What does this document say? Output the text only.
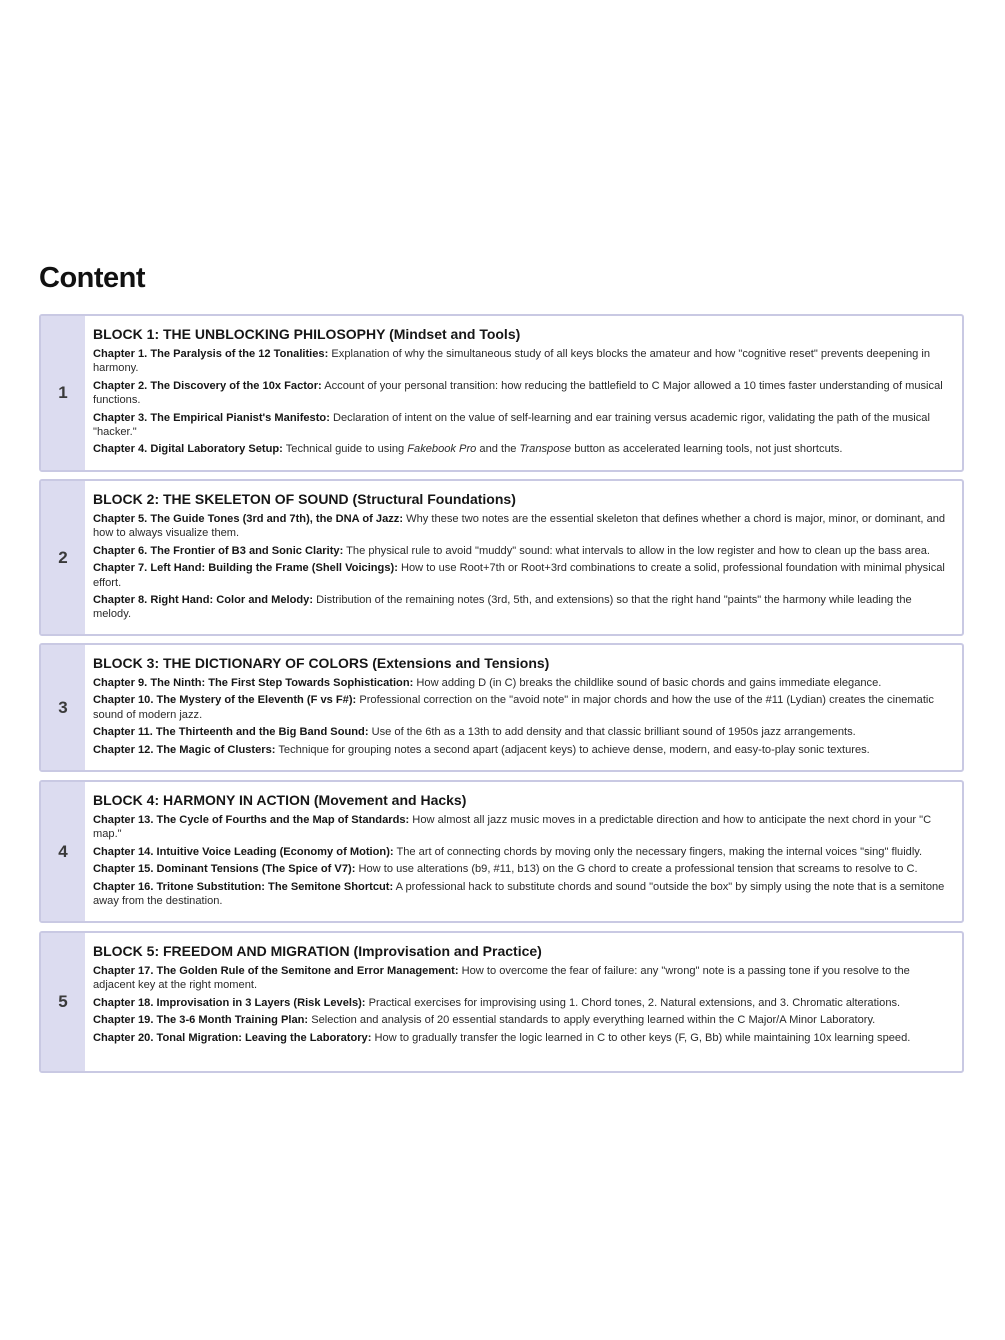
Content
1
BLOCK 1: THE UNBLOCKING PHILOSOPHY (Mindset and Tools)

Chapter 1. The Paralysis of the 12 Tonalities: Explanation of why the simultaneous study of all keys blocks the amateur and how "cognitive reset" prevents deepening in harmony.

Chapter 2. The Discovery of the 10x Factor: Account of your personal transition: how reducing the battlefield to C Major allowed a 10 times faster understanding of musical functions.

Chapter 3. The Empirical Pianist's Manifesto: Declaration of intent on the value of self-learning and ear training versus academic rigor, validating the path of the musical "hacker."

Chapter 4. Digital Laboratory Setup: Technical guide to using Fakebook Pro and the Transpose button as accelerated learning tools, not just shortcuts.

2
BLOCK 2: THE SKELETON OF SOUND (Structural Foundations)

Chapter 5. The Guide Tones (3rd and 7th), the DNA of Jazz: Why these two notes are the essential skeleton that defines whether a chord is major, minor, or dominant, and how to always visualize them.

Chapter 6. The Frontier of B3 and Sonic Clarity: The physical rule to avoid "muddy" sound: what intervals to allow in the low register and how to clean up the bass area.

Chapter 7. Left Hand: Building the Frame (Shell Voicings): How to use Root+7th or Root+3rd combinations to create a solid, professional foundation with minimal physical effort.

Chapter 8. Right Hand: Color and Melody: Distribution of the remaining notes (3rd, 5th, and extensions) so that the right hand "paints" the harmony while leading the melody.

3
BLOCK 3: THE DICTIONARY OF COLORS (Extensions and Tensions)

Chapter 9. The Ninth: The First Step Towards Sophistication: How adding D (in C) breaks the childlike sound of basic chords and gains immediate elegance.

Chapter 10. The Mystery of the Eleventh (F vs F#): Professional correction on the "avoid note" in major chords and how the use of the #11 (Lydian) creates the cinematic sound of modern jazz.

Chapter 11. The Thirteenth and the Big Band Sound: Use of the 6th as a 13th to add density and that classic brilliant sound of 1950s jazz arrangements.

Chapter 12. The Magic of Clusters: Technique for grouping notes a second apart (adjacent keys) to achieve dense, modern, and easy-to-play sonic textures.

4
BLOCK 4: HARMONY IN ACTION (Movement and Hacks)

Chapter 13. The Cycle of Fourths and the Map of Standards: How almost all jazz music moves in a predictable direction and how to anticipate the next chord in your "C map."

Chapter 14. Intuitive Voice Leading (Economy of Motion): The art of connecting chords by moving only the necessary fingers, making the internal voices "sing" fluidly.

Chapter 15. Dominant Tensions (The Spice of V7): How to use alterations (b9, #11, b13) on the G chord to create a professional tension that screams to resolve to C.

Chapter 16. Tritone Substitution: The Semitone Shortcut: A professional hack to substitute chords and sound "outside the box" by simply using the note that is a semitone away from the destination.

5
BLOCK 5: FREEDOM AND MIGRATION (Improvisation and Practice)

Chapter 17. The Golden Rule of the Semitone and Error Management: How to overcome the fear of failure: any "wrong" note is a passing tone if you resolve to the adjacent key at the right moment.

Chapter 18. Improvisation in 3 Layers (Risk Levels): Practical exercises for improvising using 1. Chord tones, 2. Natural extensions, and 3. Chromatic alterations.

Chapter 19. The 3-6 Month Training Plan: Selection and analysis of 20 essential standards to apply everything learned within the C Major/A Minor Laboratory.

Chapter 20. Tonal Migration: Leaving the Laboratory: How to gradually transfer the logic learned in C to other keys (F, G, Bb) while maintaining 10x learning speed.
